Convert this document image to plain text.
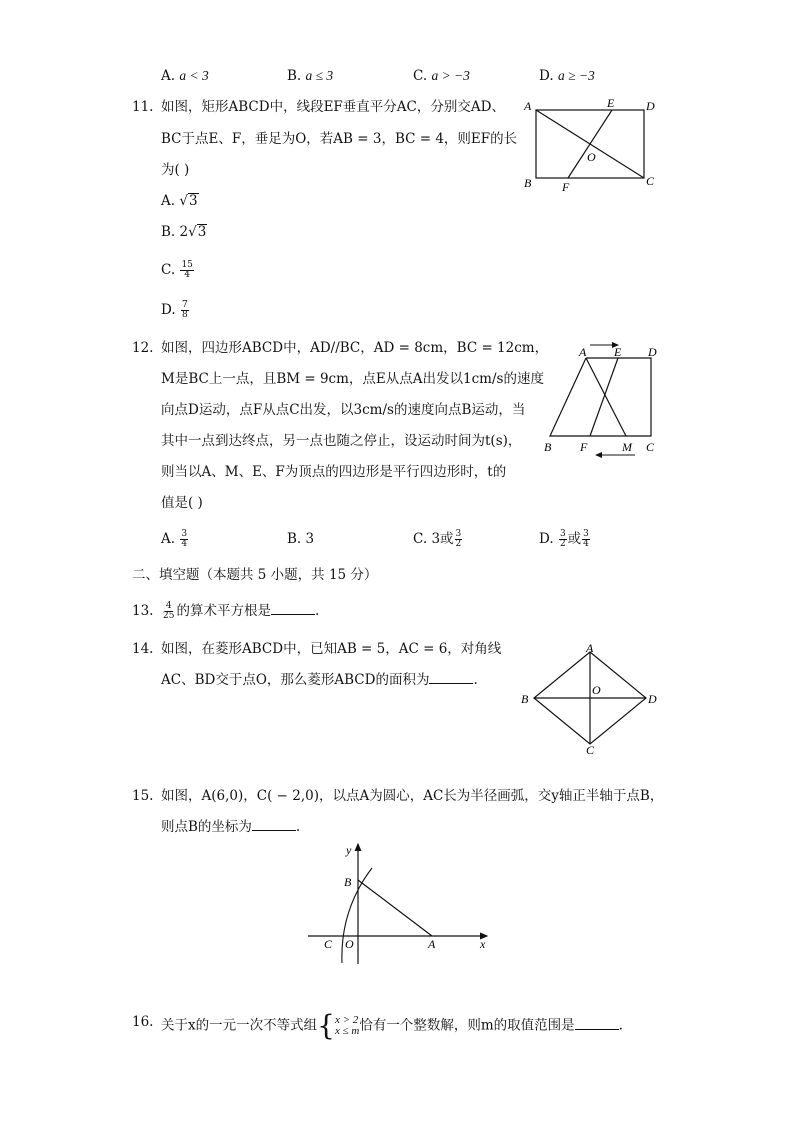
A. a < 3	B. a ≤ 3	C. a > −3	D. a ≥ −3
11. 如图，矩形ABCD中，线段EF垂直平分AC，分别交AD、
BC于点E、F，垂足为O，若AB = 3，BC = 4，则EF的长
为( )
A. √3
B. 2√3
C. $\frac{15}{4}$
D. $\frac{7}{8}$
A	D
E
O
B	C
F
12. 如图，四边形ABCD中，AD//BC，AD = 8cm，BC = 12cm，
M是BC上一点，且BM = 9cm，点E从点A出发以1cm/s的速度
向点D运动，点F从点C出发，以3cm/s的速度向点B运动，当
其中一点到达终点，另一点也随之停止，设运动时间为t(s)，
则当以A、M、E、F为顶点的四边形是平行四边形时，t的
值是( )
A. $\frac{3}{4}$	B. 3	C. 3或 $\frac{3}{2}$	D. $\frac{3}{2}$ 或 $\frac{3}{4}$
A E D
B F	M C
二、填空题（本题共 5 小题，共 15 分）
13. $\frac{4}{25}$ 的算术平方根是	.
14. 如图，在菱形ABCD中，已知AB = 5，AC = 6，对角线
AC、BD交于点O，那么菱形ABCD的面积为	.
A
B	D
O
C
15. 如图，A(6,0)，C( − 2,0)，以点A为圆心，AC长为半径画弧，交y轴正半轴于点B，
则点B的坐标为	.
y
x
B
C O	A
16. 关于x的一元一次不等式组 { x > 2
x ≤ m 恰有一个整数解，则m的取值范围是	.
